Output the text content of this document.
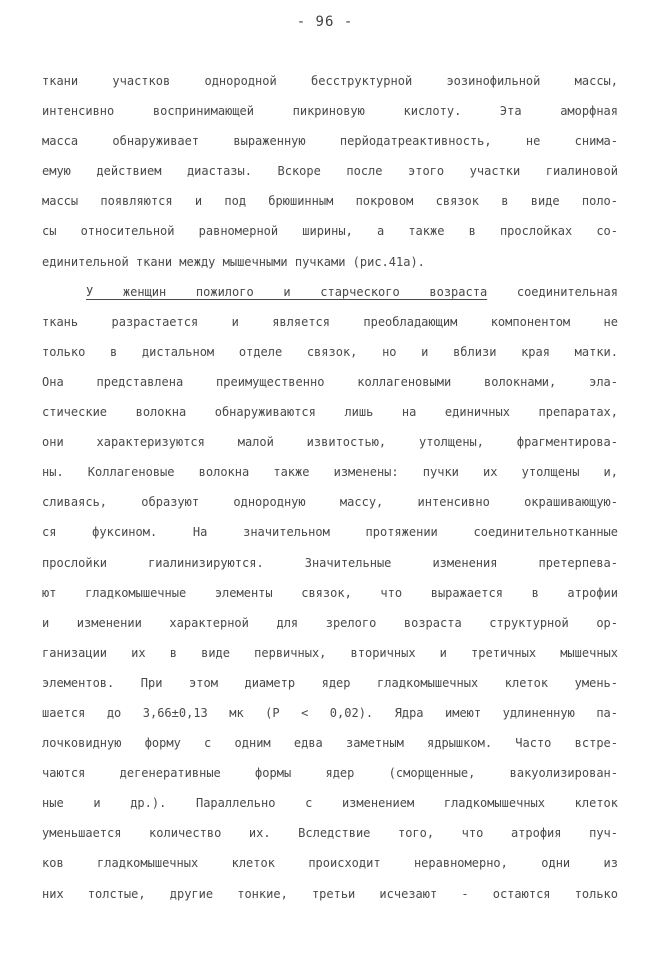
- 96 -
ткани участков однородной бесструктурной эозинофильной массы,
интенсивно воспринимающей пикриновую кислоту. Эта аморфная
масса обнаруживает выраженную перйодатреактивность, не снима-
емую действием диастазы. Вскоре после этого участки гиалиновой
массы появляются и под брюшинным покровом связок в виде поло-
сы относительной равномерной ширины, а также в прослойках со-
единительной ткани между мышечными пучками (рис.41а).
У женщин пожилого и старческого возраста соединительная
ткань разрастается и является преобладающим компонентом не
только в дистальном отделе связок, но и вблизи края матки.
Она представлена преимущественно коллагеновыми волокнами, эла-
стические волокна обнаруживаются лишь на единичных препаратах,
они характеризуются малой извитостью, утолщены, фрагментирова-
ны. Коллагеновые волокна также изменены: пучки их утолщены и,
сливаясь, образуют однородную массу, интенсивно окрашивающую-
ся фуксином. На значительном протяжении соединительнотканные
прослойки гиалинизируются. Значительные изменения претерпева-
ют гладкомышечные элементы связок, что выражается в атрофии
и изменении характерной для зрелого возраста структурной ор-
ганизации их в виде первичных, вторичных и третичных мышечных
элементов. При этом диаметр ядер гладкомышечных клеток умень-
шается до 3,66±0,13 мк (P < 0,02). Ядра имеют удлиненную па-
лочковидную форму с одним едва заметным ядрышком. Часто встре-
чаются дегенеративные формы ядер (сморщенные, вакуолизирован-
ные и др.). Параллельно с изменением гладкомышечных клеток
уменьшается количество их. Вследствие того, что атрофия пуч-
ков гладкомышечных клеток происходит неравномерно, одни из
них толстые, другие тонкие, третьи исчезают - остаются только
